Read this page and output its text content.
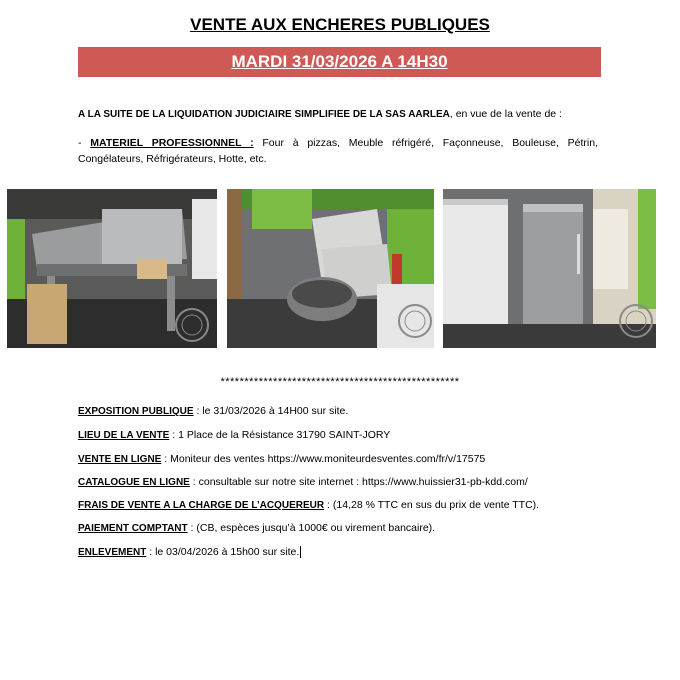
VENTE AUX ENCHERES PUBLIQUES
MARDI 31/03/2026 A 14H30
A LA SUITE DE LA LIQUIDATION JUDICIAIRE SIMPLIFIEE DE LA SAS AARLEA, en vue de la vente de :
- MATERIEL PROFESSIONNEL : Four à pizzas, Meuble réfrigéré, Façonneuse, Bouleuse, Pétrin, Congélateurs, Réfrigérateurs, Hotte, etc.
**************************************************
EXPOSITION PUBLIQUE : le 31/03/2026 à 14H00 sur site.
LIEU DE LA VENTE : 1 Place de la Résistance 31790 SAINT-JORY
VENTE EN LIGNE : Moniteur des ventes https://www.moniteurdesventes.com/fr/v/17575
CATALOGUE EN LIGNE : consultable sur notre site internet : https://www.huissier31-pb-kdd.com/
FRAIS DE VENTE A LA CHARGE DE L’ACQUEREUR : (14,28 % TTC en sus du prix de vente TTC).
PAIEMENT COMPTANT : (CB, espèces jusqu’à 1000€ ou virement bancaire).
ENLEVEMENT : le 03/04/2026 à 15h00 sur site.
